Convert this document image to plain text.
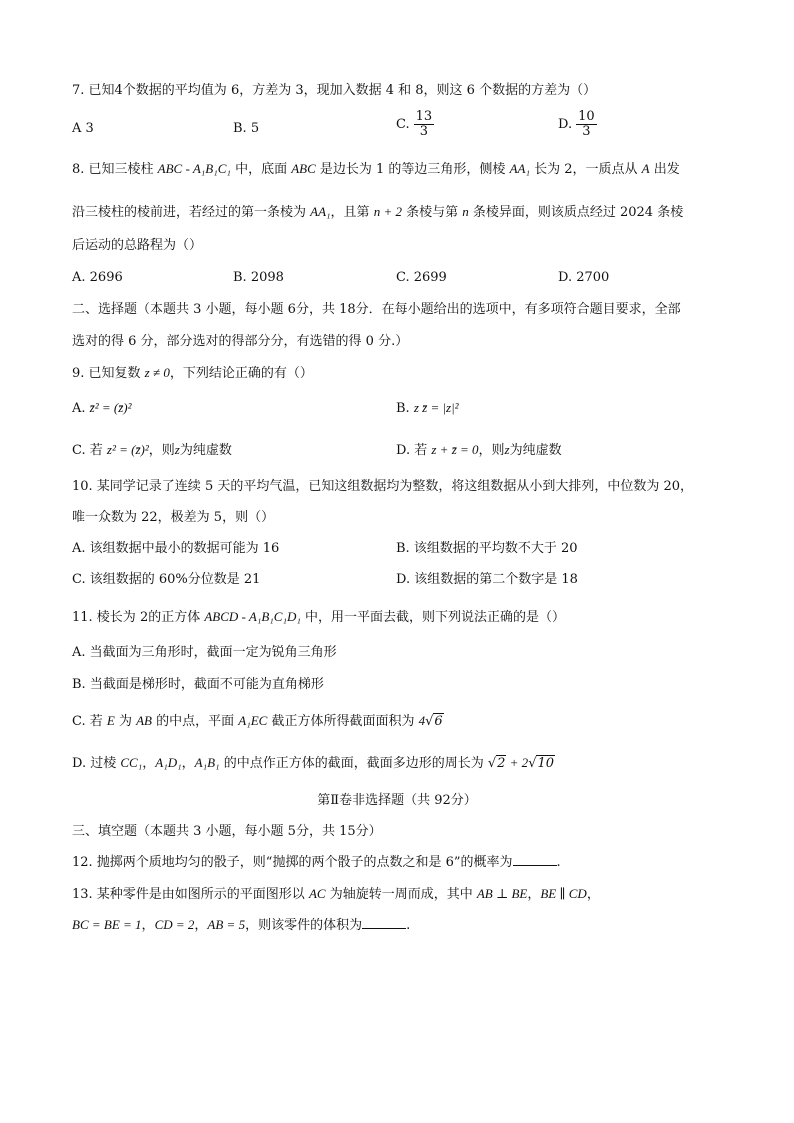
7. 已知4个数据的平均值为 6，方差为 3，现加入数据 4 和 8，则这 6 个数据的方差为（）
A 3	B. 5	C. $\frac{13}{3}$	D. $\frac{10}{3}$
8. 已知三棱柱 ABC - A₁B₁C₁ 中，底面 ABC 是边长为 1 的等边三角形，侧棱 AA₁ 长为 2，一质点从 A 出发
沿三棱柱的棱前进，若经过的第一条棱为 AA₁，且第 n + 2 条棱与第 n 条棱异面，则该质点经过 2024 条棱
后运动的总路程为（）
A. 2696	B. 2098	C. 2699	D. 2700
二、选择题（本题共 3 小题，每小题 6分，共 18分．在每小题给出的选项中，有多项符合题目要求，全部
选对的得 6 分，部分选对的得部分分，有选错的得 0 分.）
9. 已知复数 z ≠ 0，下列结论正确的有（）
A. z̄² = (z̄)²	B. z z̄ = |z|²
C. 若 z² = (z̄)²，则z为纯虚数	D. 若 z + z̄ = 0，则z为纯虚数
10. 某同学记录了连续 5 天的平均气温，已知这组数据均为整数，将这组数据从小到大排列，中位数为 20，
唯一众数为 22，极差为 5，则（）
A. 该组数据中最小的数据可能为 16	B. 该组数据的平均数不大于 20
C. 该组数据的 60%分位数是 21	D. 该组数据的第二个数字是 18
11. 棱长为 2的正方体 ABCD - A₁B₁C₁D₁ 中，用一平面去截，则下列说法正确的是（）
A. 当截面为三角形时，截面一定为锐角三角形
B. 当截面是梯形时，截面不可能为直角梯形
C. 若 E 为 AB 的中点，平面 A₁EC 截正方体所得截面面积为 4√6
D. 过棱 CC₁，A₁D₁，A₁B₁ 的中点作正方体的截面，截面多边形的周长为 √2 + 2√10
第Ⅱ卷非选择题（共 92分）
三、填空题（本题共 3 小题，每小题 5分，共 15分）
12. 抛掷两个质地均匀的骰子，则“抛掷的两个骰子的点数之和是 6”的概率为	.
13. 某种零件是由如图所示的平面图形以 AC 为轴旋转一周而成，其中 AB ⊥ BE，BE ∥ CD，
BC = BE = 1，CD = 2，AB = 5，则该零件的体积为	.
